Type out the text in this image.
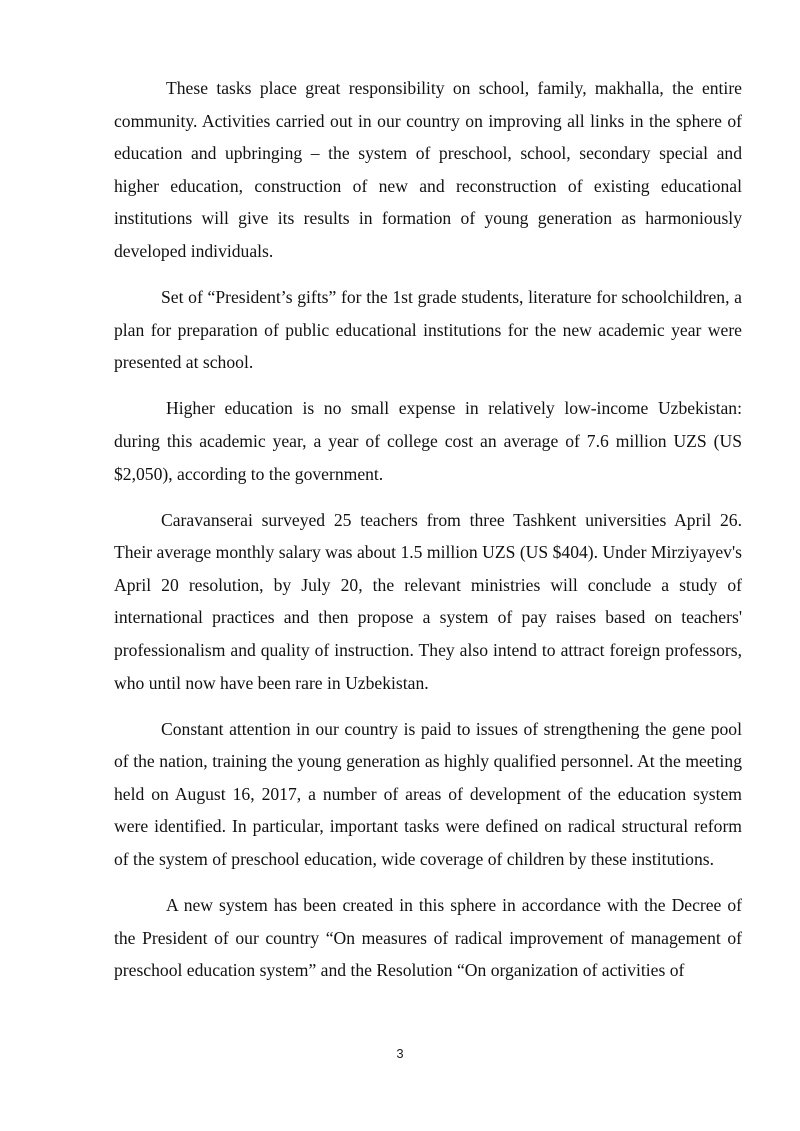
These tasks place great responsibility on school, family, makhalla, the entire community. Activities carried out in our country on improving all links in the sphere of education and upbringing – the system of preschool, school, secondary special and higher education, construction of new and reconstruction of existing educational institutions will give its results in formation of young generation as harmoniously developed individuals.

Set of “President’s gifts” for the 1st grade students, literature for schoolchildren, a plan for preparation of public educational institutions for the new academic year were presented at school.

Higher education is no small expense in relatively low-income Uzbekistan: during this academic year, a year of college cost an average of 7.6 million UZS (US $2,050), according to the government.

Caravanserai surveyed 25 teachers from three Tashkent universities April 26. Their average monthly salary was about 1.5 million UZS (US $404). Under Mirziyayev's April 20 resolution, by July 20, the relevant ministries will conclude a study of international practices and then propose a system of pay raises based on teachers' professionalism and quality of instruction. They also intend to attract foreign professors, who until now have been rare in Uzbekistan.

Constant attention in our country is paid to issues of strengthening the gene pool of the nation, training the young generation as highly qualified personnel. At the meeting held on August 16, 2017, a number of areas of development of the education system were identified. In particular, important tasks were defined on radical structural reform of the system of preschool education, wide coverage of children by these institutions.

A new system has been created in this sphere in accordance with the Decree of the President of our country “On measures of radical improvement of management of preschool education system” and the Resolution “On organization of activities of

3
